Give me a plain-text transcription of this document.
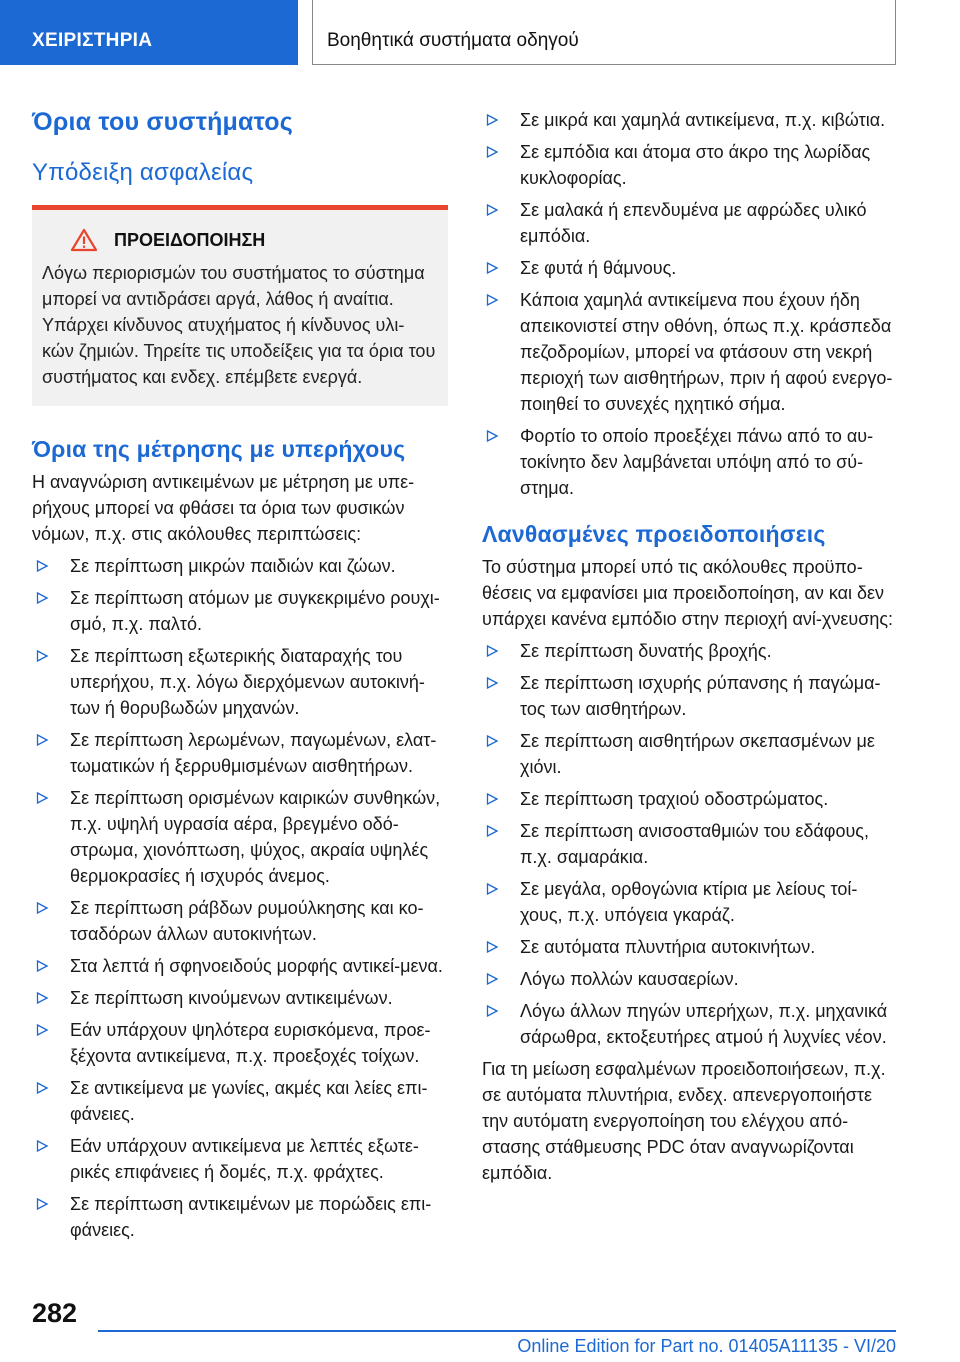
ΧΕΙΡΙΣΤΗΡΙΑ	Βοηθητικά συστήματα οδηγού
Όρια του συστήματος
Υπόδειξη ασφαλείας
ΠΡΟΕΙΔΟΠΟΙΗΣΗ
Λόγω περιορισμών του συστήματος το σύστημα μπορεί να αντιδράσει αργά, λάθος ή αναίτια. Υπάρχει κίνδυνος ατυχήματος ή κίνδυνος υλι-κών ζημιών. Τηρείτε τις υποδείξεις για τα όρια του συστήματος και ενδεχ. επέμβετε ενεργά.
Όρια της μέτρησης με υπερήχους

Η αναγνώριση αντικειμένων με μέτρηση με υπε-ρήχους μπορεί να φθάσει τα όρια των φυσικών νόμων, π.χ. στις ακόλουθες περιπτώσεις:

Σε περίπτωση μικρών παιδιών και ζώων.
Σε περίπτωση ατόμων με συγκεκριμένο ρουχι-σμό, π.χ. παλτό.
Σε περίπτωση εξωτερικής διαταραχής του υπερήχου, π.χ. λόγω διερχόμενων αυτοκινή-των ή θορυβωδών μηχανών.
Σε περίπτωση λερωμένων, παγωμένων, ελατ-τωματικών ή ξερρυθμισμένων αισθητήρων.
Σε περίπτωση ορισμένων καιρικών συνθηκών, π.χ. υψηλή υγρασία αέρα, βρεγμένο οδό-στρωμα, χιονόπτωση, ψύχος, ακραία υψηλές θερμοκρασίες ή ισχυρός άνεμος.
Σε περίπτωση ράβδων ρυμούλκησης και κο-τσαδόρων άλλων αυτοκινήτων.
Στα λεπτά ή σφηνοειδούς μορφής αντικεί-μενα.
Σε περίπτωση κινούμενων αντικειμένων.
Εάν υπάρχουν ψηλότερα ευρισκόμενα, προε-ξέχοντα αντικείμενα, π.χ. προεξοχές τοίχων.
Σε αντικείμενα με γωνίες, ακμές και λείες επι-φάνειες.
Εάν υπάρχουν αντικείμενα με λεπτές εξωτε-ρικές επιφάνειες ή δομές, π.χ. φράχτες.
Σε περίπτωση αντικειμένων με πορώδεις επι-φάνειες.
Σε μικρά και χαμηλά αντικείμενα, π.χ. κιβώτια.
Σε εμπόδια και άτομα στο άκρο της λωρίδας κυκλοφορίας.
Σε μαλακά ή επενδυμένα με αφρώδες υλικό εμπόδια.
Σε φυτά ή θάμνους.
Κάποια χαμηλά αντικείμενα που έχουν ήδη απεικονιστεί στην οθόνη, όπως π.χ. κράσπεδα πεζοδρομίων, μπορεί να φτάσουν στη νεκρή περιοχή των αισθητήρων, πριν ή αφού ενεργο-ποιηθεί το συνεχές ηχητικό σήμα.
Φορτίο το οποίο προεξέχει πάνω από το αυ-τοκίνητο δεν λαμβάνεται υπόψη από το σύ-στημα.
Λανθασμένες προειδοποιήσεις

Το σύστημα μπορεί υπό τις ακόλουθες προϋπο-θέσεις να εμφανίσει μια προειδοποίηση, αν και δεν υπάρχει κανένα εμπόδιο στην περιοχή ανί-χνευσης:

Σε περίπτωση δυνατής βροχής.
Σε περίπτωση ισχυρής ρύπανσης ή παγώμα-τος των αισθητήρων.
Σε περίπτωση αισθητήρων σκεπασμένων με χιόνι.
Σε περίπτωση τραχιού οδοστρώματος.
Σε περίπτωση ανισοσταθμιών του εδάφους, π.χ. σαμαράκια.
Σε μεγάλα, ορθογώνια κτίρια με λείους τοί-χους, π.χ. υπόγεια γκαράζ.
Σε αυτόματα πλυντήρια αυτοκινήτων.
Λόγω πολλών καυσαερίων.
Λόγω άλλων πηγών υπερήχων, π.χ. μηχανικά σάρωθρα, εκτοξευτήρες ατμού ή λυχνίες νέον.

Για τη μείωση εσφαλμένων προειδοποιήσεων, π.χ. σε αυτόματα πλυντήρια, ενδεχ. απενεργοποιήστε την αυτόματη ενεργοποίηση του ελέγχου από-στασης στάθμευσης PDC όταν αναγνωρίζονται εμπόδια.

282
Online Edition for Part no. 01405A11135 - VI/20
